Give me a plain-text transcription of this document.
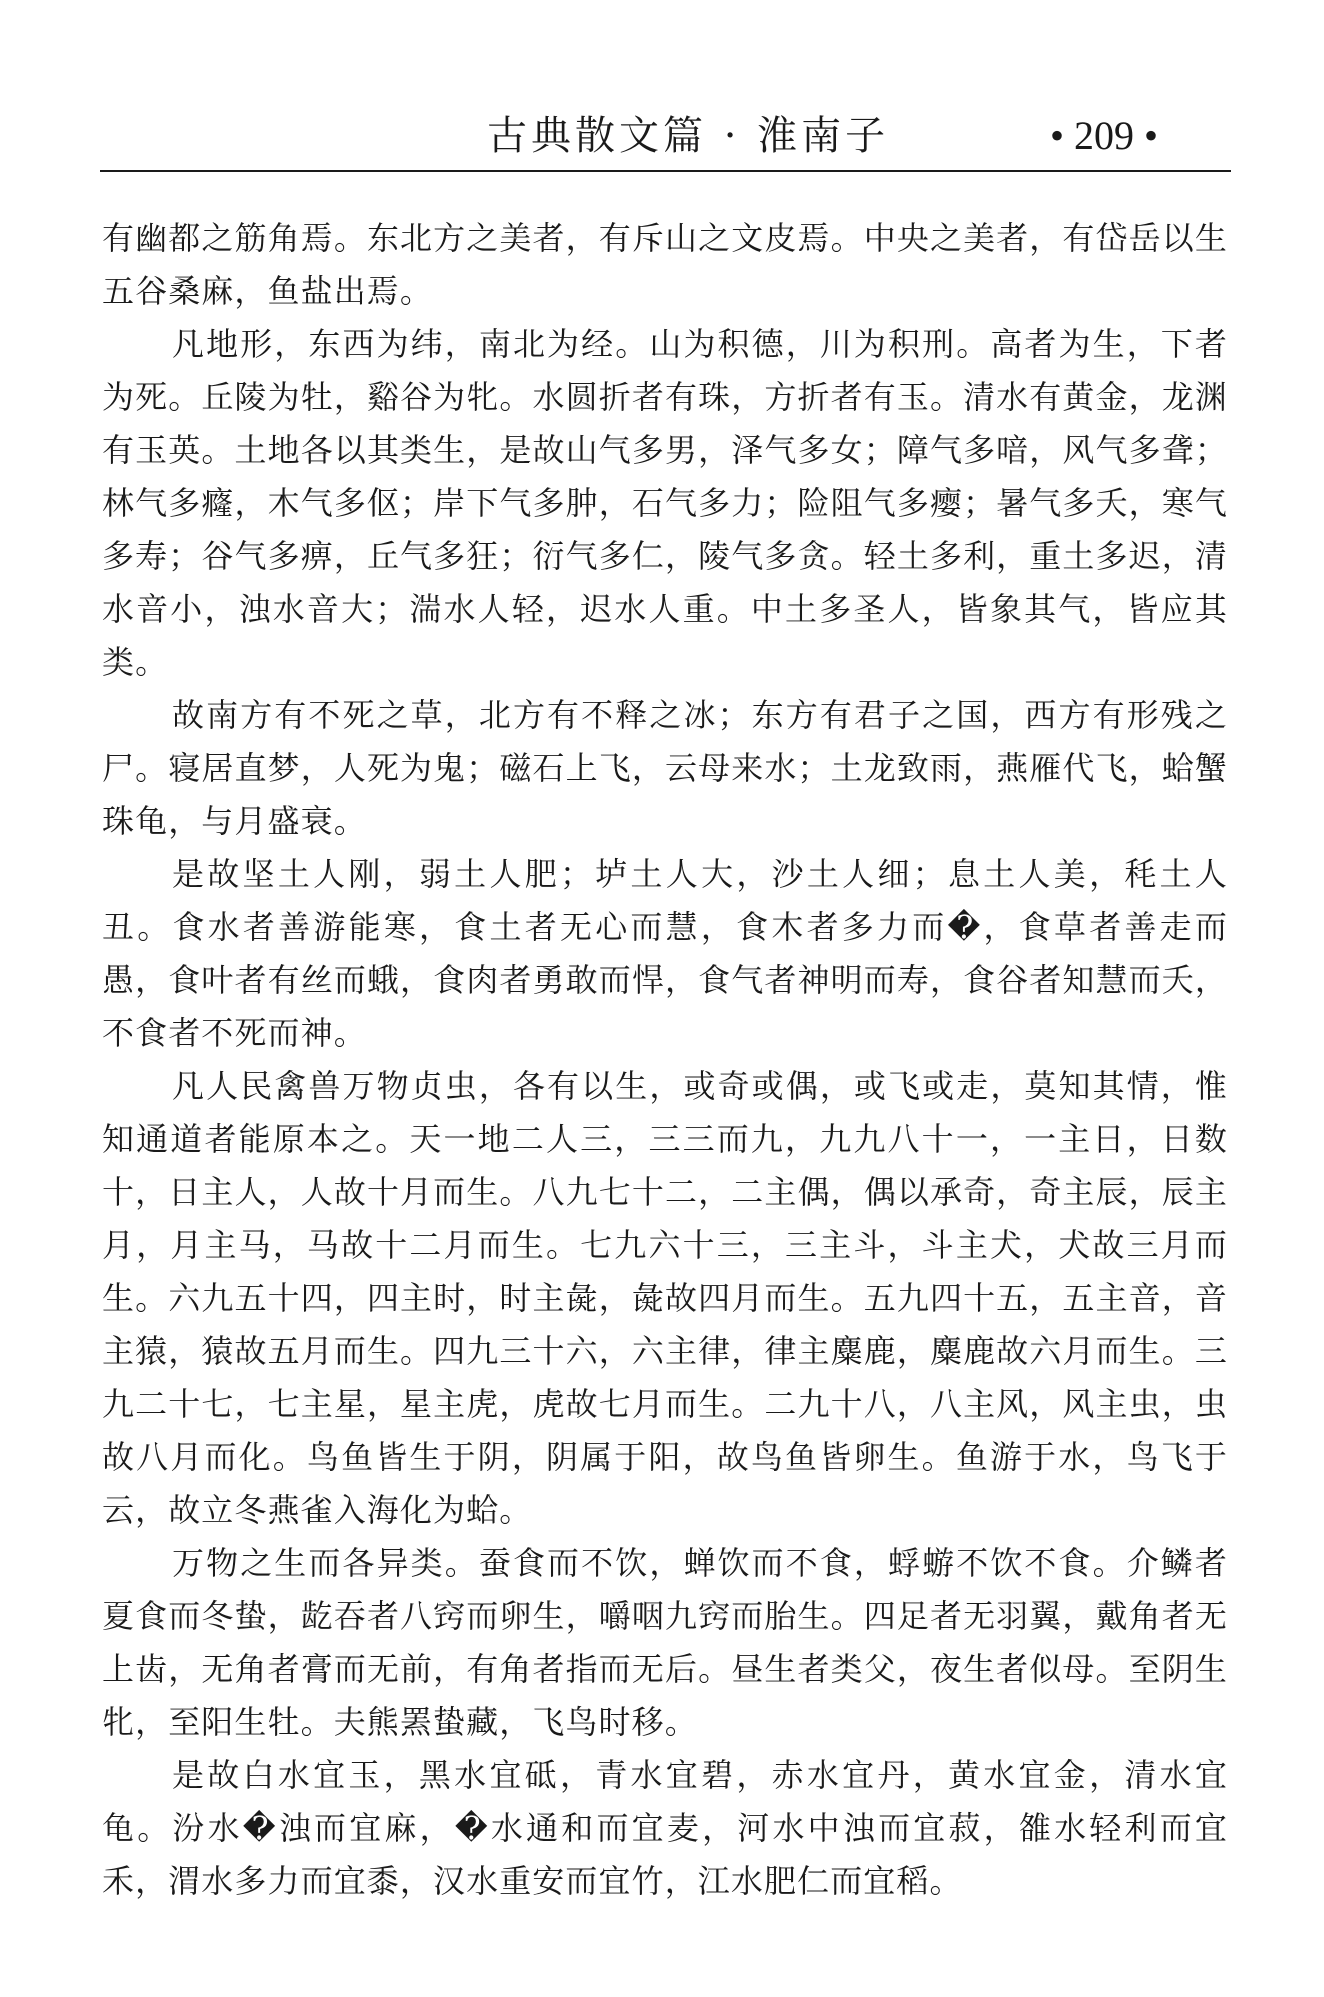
古典散文篇 · 淮南子	• 209 •

有幽都之筋角焉。东北方之美者，有斥山之文皮焉。中央之美者，有岱岳以生五谷桑麻，鱼盐出焉。

凡地形，东西为纬，南北为经。山为积德，川为积刑。高者为生，下者为死。丘陵为牡，谿谷为牝。水圆折者有珠，方折者有玉。清水有黄金，龙渊有玉英。土地各以其类生，是故山气多男，泽气多女；障气多喑，风气多聋；林气多癃，木气多伛；岸下气多肿，石气多力；险阻气多瘿；暑气多夭，寒气多寿；谷气多痹，丘气多狂；衍气多仁，陵气多贪。轻土多利，重土多迟，清水音小，浊水音大；湍水人轻，迟水人重。中土多圣人，皆象其气，皆应其类。

故南方有不死之草，北方有不释之冰；东方有君子之国，西方有形残之尸。寝居直梦，人死为鬼；磁石上飞，云母来水；土龙致雨，燕雁代飞，蛤蟹珠龟，与月盛衰。

是故坚土人刚，弱土人肥；垆土人大，沙土人细；息土人美，秏土人丑。食水者善游能寒，食土者无心而慧，食木者多力而�，食草者善走而愚，食叶者有丝而蛾，食肉者勇敢而悍，食气者神明而寿，食谷者知慧而夭，不食者不死而神。

凡人民禽兽万物贞虫，各有以生，或奇或偶，或飞或走，莫知其情，惟知通道者能原本之。天一地二人三，三三而九，九九八十一，一主日，日数十，日主人，人故十月而生。八九七十二，二主偶，偶以承奇，奇主辰，辰主月，月主马，马故十二月而生。七九六十三，三主斗，斗主犬，犬故三月而生。六九五十四，四主时，时主彘，彘故四月而生。五九四十五，五主音，音主猿，猿故五月而生。四九三十六，六主律，律主麋鹿，麋鹿故六月而生。三九二十七，七主星，星主虎，虎故七月而生。二九十八，八主风，风主虫，虫故八月而化。鸟鱼皆生于阴，阴属于阳，故鸟鱼皆卵生。鱼游于水，鸟飞于云，故立冬燕雀入海化为蛤。

万物之生而各异类。蚕食而不饮，蝉饮而不食，蜉蝣不饮不食。介鳞者夏食而冬蛰，龁吞者八窍而卵生，嚼咽九窍而胎生。四足者无羽翼，戴角者无上齿，无角者膏而无前，有角者指而无后。昼生者类父，夜生者似母。至阴生牝，至阳生牡。夫熊罴蛰藏，飞鸟时移。

是故白水宜玉，黑水宜砥，青水宜碧，赤水宜丹，黄水宜金，清水宜龟。汾水�浊而宜麻，�水通和而宜麦，河水中浊而宜菽，雒水轻利而宜禾，渭水多力而宜黍，汉水重安而宜竹，江水肥仁而宜稻。
